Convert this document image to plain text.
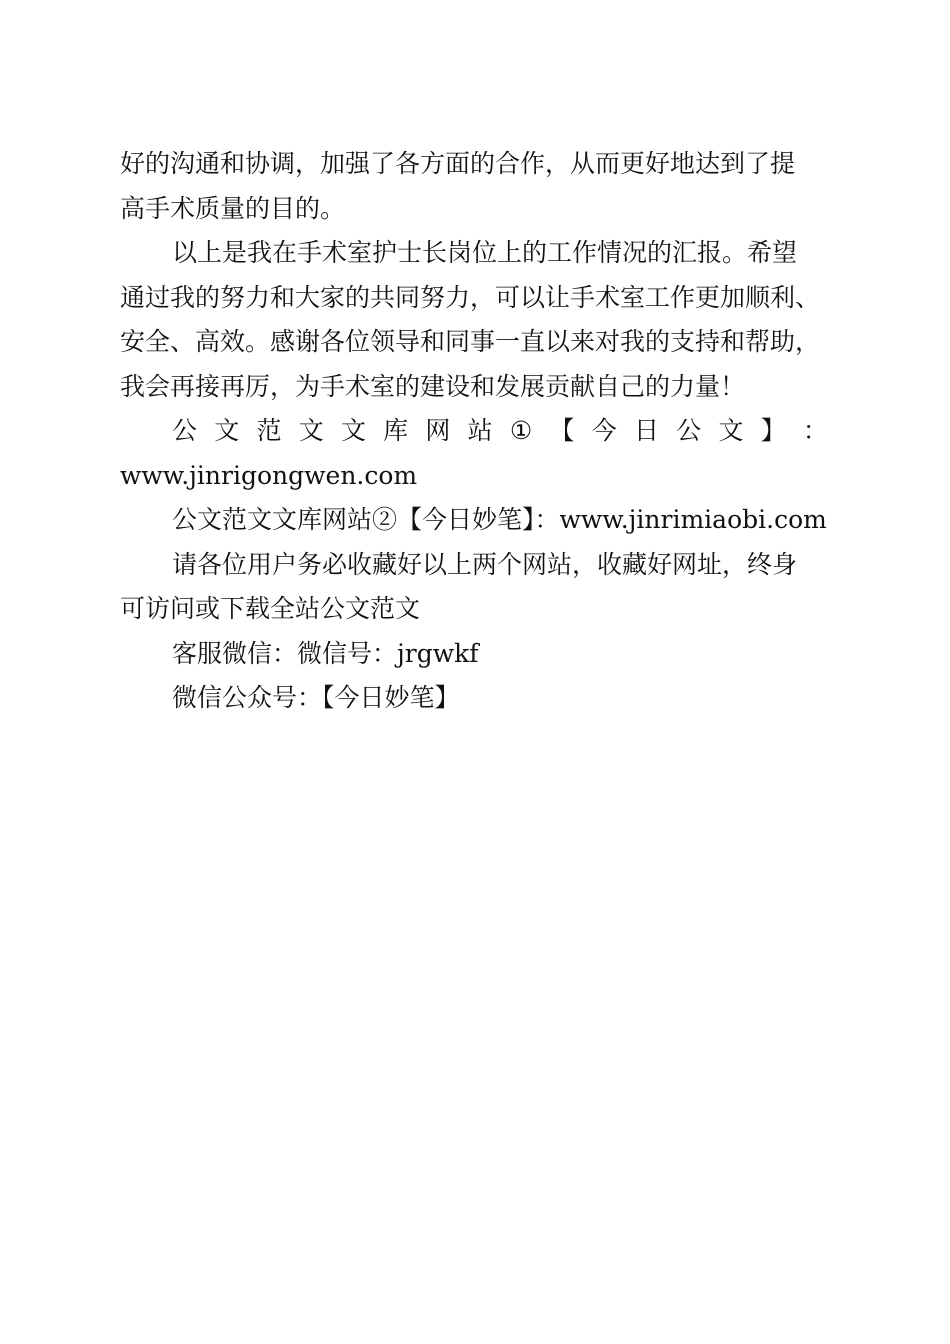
好的沟通和协调，加强了各方面的合作，从而更好地达到了提
高手术质量的目的。
以上是我在手术室护士长岗位上的工作情况的汇报。希望
通过我的努力和大家的共同努力，可以让手术室工作更加顺利、
安全、高效。感谢各位领导和同事一直以来对我的支持和帮助，
我会再接再厉，为手术室的建设和发展贡献自己的力量！
公 文 范 文 文 库 网 站 ① 【 今 日 公 文 】 ：
www.jinrigongwen.com
公文范文文库网站②【今日妙笔】：www.jinrimiaobi.com
请各位用户务必收藏好以上两个网站，收藏好网址，终身
可访问或下载全站公文范文
客服微信：微信号：jrgwkf
微信公众号：【今日妙笔】
